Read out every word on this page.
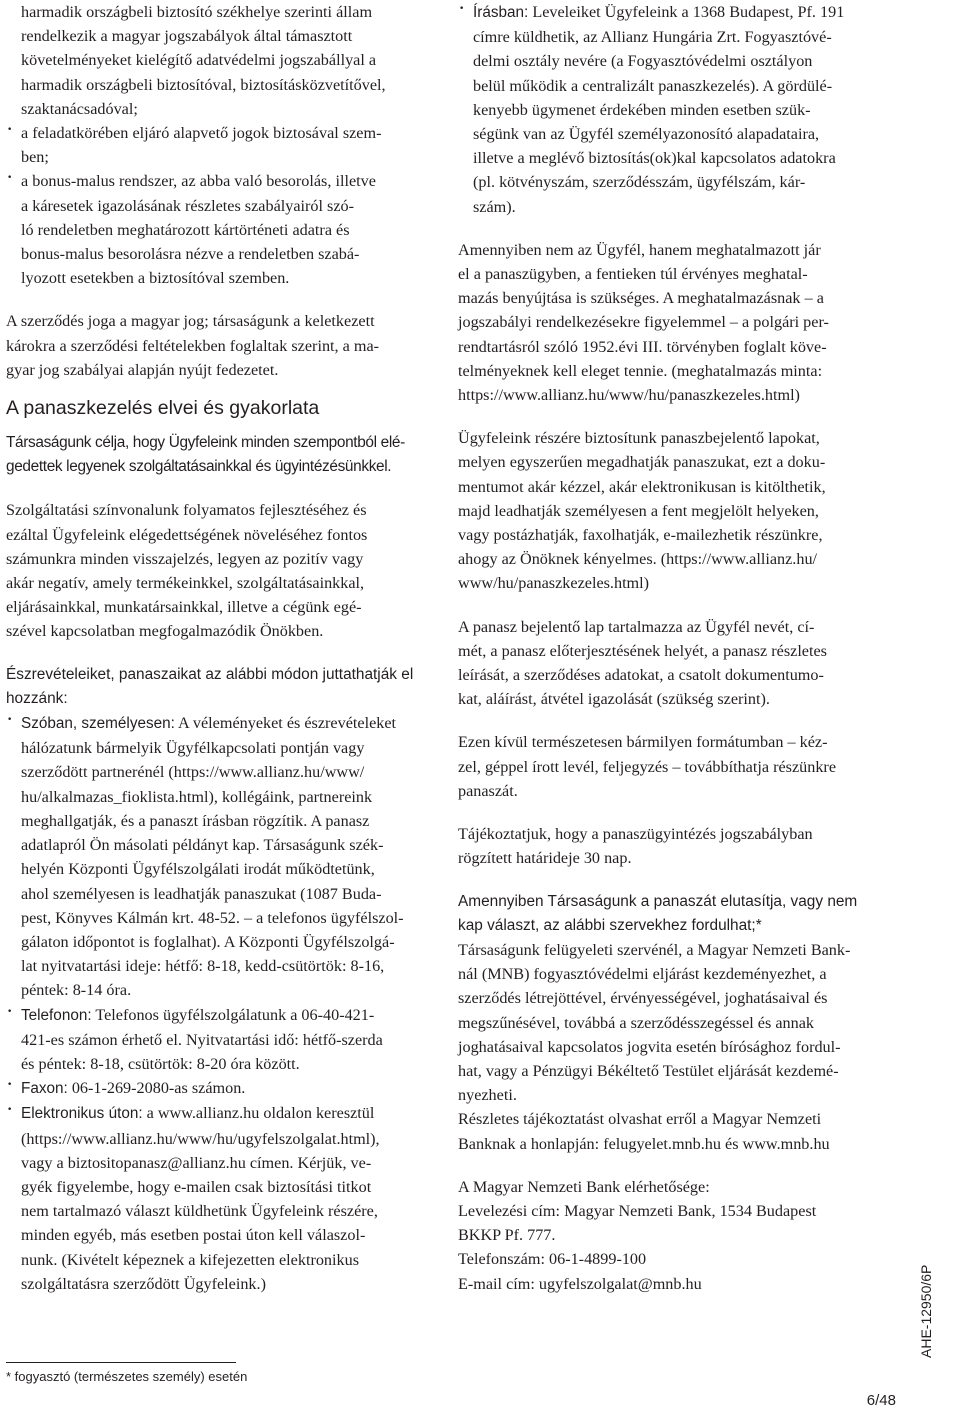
harmadik országbeli biztosító székhelye szerinti állam

rendelkezik a magyar jogszabályok által támasztott

követelményeket kielégítő adatvédelmi jogszabállyal a

harmadik országbeli biztosítóval, biztosításközvetítővel,

szaktanácsadóval;

· a feladatkörében eljáró alapvető jogok biztosával szem-

ben;

· a bonus-malus rendszer, az abba való besorolás, illetve

a káresetek igazolásának részletes szabályairól szó-

ló rendeletben meghatározott kártörténeti adatra és

bonus-malus besorolásra nézve a rendeletben szabá-

lyozott esetekben a biztosítóval szemben.

A szerződés joga a magyar jog; társaságunk a keletkezett

károkra a szerződési feltételekben foglaltak szerint, a ma-

gyar jog szabályai alapján nyújt fedezetet.

A panaszkezelés elvei és gyakorlata

Társaságunk célja, hogy Ügyfeleink minden szempontból elé-

gedettek legyenek szolgáltatásainkkal és ügyintézésünkkel.

Szolgáltatási színvonalunk folyamatos fejlesztéséhez és

ezáltal Ügyfeleink elégedettségének növeléséhez fontos

számunkra minden visszajelzés, legyen az pozitív vagy

akár negatív, amely termékeinkkel, szolgáltatásainkkal,

eljárásainkkal, munkatársainkkal, illetve a cégünk egé-

szével kapcsolatban megfogalmazódik Önökben.

Észrevételeiket, panaszaikat az alábbi módon juttathatják el

hozzánk:

· Szóban, személyesen: A véleményeket és észrevételeket

hálózatunk bármelyik Ügyfélkapcsolati pontján vagy

szerződött partnerénél (https://www.allianz.hu/www/

hu/alkalmazas_fioklista.html), kollégáink, partnereink

meghallgatják, és a panaszt írásban rögzítik. A panasz

adatlapról Ön másolati példányt kap. Társaságunk szék-

helyén Központi Ügyfélszolgálati irodát működtetünk,

ahol személyesen is leadhatják panaszukat (1087 Buda-

pest, Könyves Kálmán krt. 48-52. – a telefonos ügyfélszol-

gálaton időpontot is foglalhat). A Központi Ügyfélszolgá-

lat nyitvatartási ideje: hétfő: 8-18, kedd-csütörtök: 8-16,

péntek: 8-14 óra.

· Telefonon: Telefonos ügyfélszolgálatunk a 06-40-421-

421-es számon érhető el. Nyitvatartási idő: hétfő-szerda

és péntek: 8-18, csütörtök: 8-20 óra között.

· Faxon: 06-1-269-2080-as számon.

· Elektronikus úton: a www.allianz.hu oldalon keresztül

(https://www.allianz.hu/www/hu/ugyfelszolgalat.html),

vagy a biztositopanasz@allianz.hu címen. Kérjük, ve-

gyék figyelembe, hogy e-mailen csak biztosítási titkot

nem tartalmazó választ küldhetünk Ügyfeleink részére,

minden egyéb, más esetben postai úton kell válaszol-

nunk. (Kivételt képeznek a kifejezetten elektronikus

szolgáltatásra szerződött Ügyfeleink.)

· Írásban: Leveleiket Ügyfeleink a 1368 Budapest, Pf. 191

címre küldhetik, az Allianz Hungária Zrt. Fogyasztóvé-

delmi osztály nevére (a Fogyasztóvédelmi osztályon

belül működik a centralizált panaszkezelés). A gördülé-

kenyebb ügymenet érdekében minden esetben szük-

ségünk van az Ügyfél személyazonosító alapadataira,

illetve a meglévő biztosítás(ok)kal kapcsolatos adatokra

(pl. kötvényszám, szerződésszám, ügyfélszám, kár-

szám).

Amennyiben nem az Ügyfél, hanem meghatalmazott jár

el a panaszügyben, a fentieken túl érvényes meghatal-

mazás benyújtása is szükséges. A meghatalmazásnak – a

jogszabályi rendelkezésekre figyelemmel – a polgári per-

rendtartásról szóló 1952.évi III. törvényben foglalt köve-

telményeknek kell eleget tennie. (meghatalmazás minta:

https://www.allianz.hu/www/hu/panaszkezeles.html)

Ügyfeleink részére biztosítunk panaszbejelentő lapokat,

melyen egyszerűen megadhatják panaszukat, ezt a doku-

mentumot akár kézzel, akár elektronikusan is kitölthetik,

majd leadhatják személyesen a fent megjelölt helyeken,

vagy postázhatják, faxolhatják, e-mailezhetik részünkre,

ahogy az Önöknek kényelmes. (https://www.allianz.hu/

www/hu/panaszkezeles.html)

A panasz bejelentő lap tartalmazza az Ügyfél nevét, cí-

mét, a panasz előterjesztésének helyét, a panasz részletes

leírását, a szerződéses adatokat, a csatolt dokumentumo-

kat, aláírást, átvétel igazolását (szükség szerint).

Ezen kívül természetesen bármilyen formátumban – kéz-

zel, géppel írott levél, feljegyzés – továbbíthatja részünkre

panaszát.

Tájékoztatjuk, hogy a panaszügyintézés jogszabályban

rögzített határideje 30 nap.

Amennyiben Társaságunk a panaszát elutasítja, vagy nem

kap választ, az alábbi szervekhez fordulhat;*

Társaságunk felügyeleti szervénél, a Magyar Nemzeti Bank-

nál (MNB) fogyasztóvédelmi eljárást kezdeményezhet, a

szerződés létrejöttével, érvényességével, joghatásaival és

megszűnésével, továbbá a szerződésszegéssel és annak

joghatásaival kapcsolatos jogvita esetén bírósághoz fordul-

hat, vagy a Pénzügyi Békéltető Testület eljárását kezdemé-

nyezheti.

Részletes tájékoztatást olvashat erről a Magyar Nemzeti

Banknak a honlapján: felugyelet.mnb.hu és www.mnb.hu

A Magyar Nemzeti Bank elérhetősége:

Levelezési cím: Magyar Nemzeti Bank, 1534 Budapest

BKKP Pf. 777.

Telefonszám: 06-1-4899-100

E-mail cím: ugyfelszolgalat@mnb.hu

* fogyasztó (természetes személy) esetén
AHE-12950/6P
6/48
